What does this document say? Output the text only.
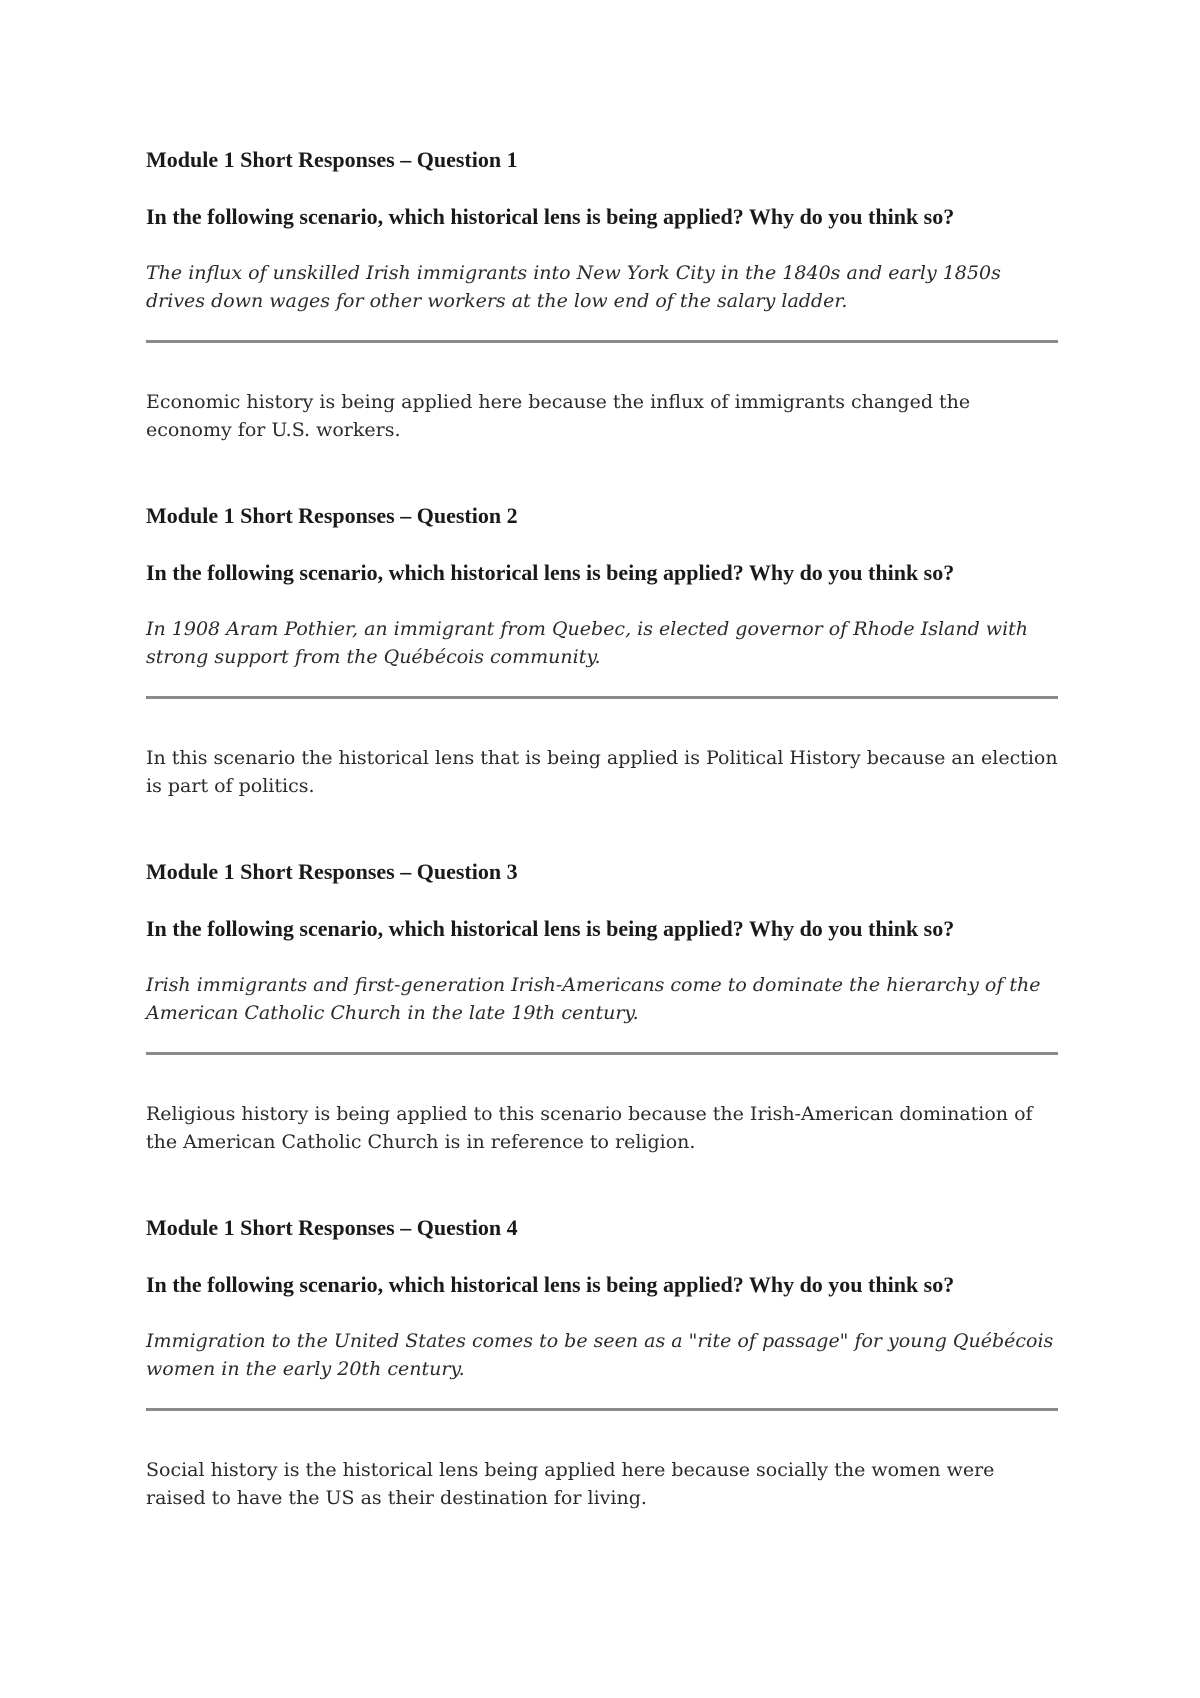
Module 1 Short Responses – Question 1
In the following scenario, which historical lens is being applied? Why do you think so?
The influx of unskilled Irish immigrants into New York City in the 1840s and early 1850s drives down wages for other workers at the low end of the salary ladder.
Economic history is being applied here because the influx of immigrants changed the economy for U.S. workers.
Module 1 Short Responses – Question 2
In the following scenario, which historical lens is being applied? Why do you think so?
In 1908 Aram Pothier, an immigrant from Quebec, is elected governor of Rhode Island with strong support from the Québécois community.
In this scenario the historical lens that is being applied is Political History because an election is part of politics.
Module 1 Short Responses – Question 3
In the following scenario, which historical lens is being applied? Why do you think so?
Irish immigrants and first-generation Irish-Americans come to dominate the hierarchy of the American Catholic Church in the late 19th century.
Religious history is being applied to this scenario because the Irish-American domination of the American Catholic Church is in reference to religion.
Module 1 Short Responses – Question 4
In the following scenario, which historical lens is being applied? Why do you think so?
Immigration to the United States comes to be seen as a "rite of passage" for young Québécois women in the early 20th century.
Social history is the historical lens being applied here because socially the women were raised to have the US as their destination for living.
